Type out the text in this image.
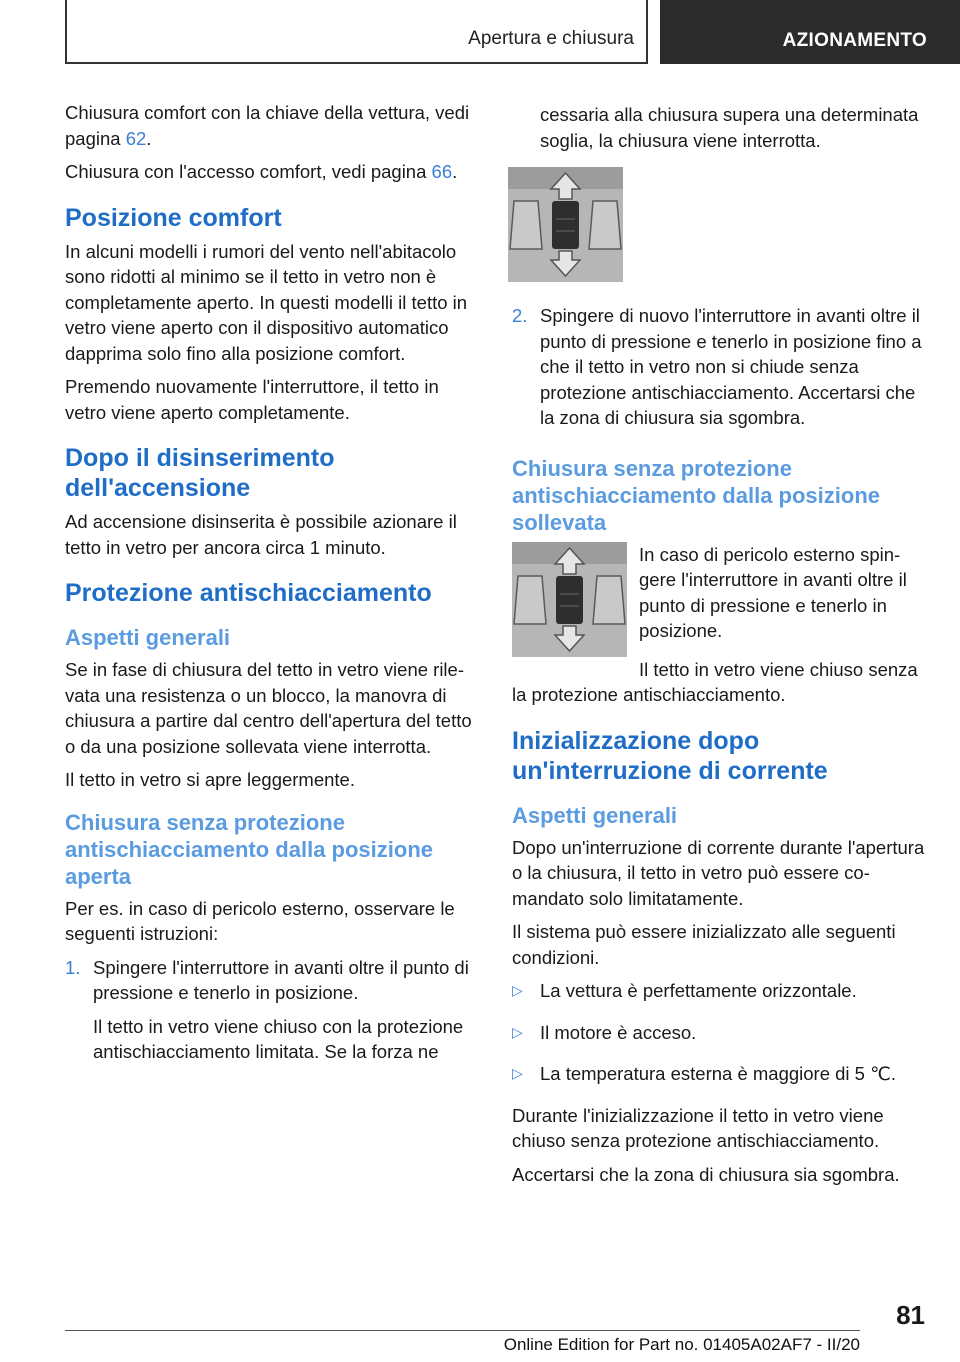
Apertura e chiusura	AZIONAMENTO

Chiusura comfort con la chiave della vettura, vedi pagina 62.

Chiusura con l'accesso comfort, vedi pagina 66.

Posizione comfort

In alcuni modelli i rumori del vento nell'abitacolo sono ridotti al minimo se il tetto in vetro non è completamente aperto. In questi modelli il tetto in vetro viene aperto con il dispositivo automatico dapprima solo fino alla posizione comfort.

Premendo nuovamente l'interruttore, il tetto in vetro viene aperto completamente.

Dopo il disinserimento dell'accensione

Ad accensione disinserita è possibile azionare il tetto in vetro per ancora circa 1 minuto.

Protezione antischiacciamento
Aspetti generali

Se in fase di chiusura del tetto in vetro viene rilevata una resistenza o un blocco, la manovra di chiusura a partire dal centro dell'apertura del tetto o da una posizione sollevata viene interrotta.

Il tetto in vetro si apre leggermente.

Chiusura senza protezione antischiacciamento dalla posizione aperta

Per es. in caso di pericolo esterno, osservare le seguenti istruzioni:

1. Spingere l'interruttore in avanti oltre il punto di pressione e tenerlo in posizione.

Il tetto in vetro viene chiuso con la protezione antischiacciamento limitata. Se la forza ne

cessaria alla chiusura supera una determinata soglia, la chiusura viene interrotta.

2. Spingere di nuovo l'interruttore in avanti oltre il punto di pressione e tenerlo in posizione fino a che il tetto in vetro non si chiude senza protezione antischiacciamento. Accertarsi che la zona di chiusura sia sgombra.

Chiusura senza protezione antischiacciamento dalla posizione sollevata

In caso di pericolo esterno spingere l'interruttore in avanti oltre il punto di pressione e tenerlo in posizione.

Il tetto in vetro viene chiuso senza la protezione antischiacciamento.

Inizializzazione dopo un'interruzione di corrente
Aspetti generali

Dopo un'interruzione di corrente durante l'apertura o la chiusura, il tetto in vetro può essere comandato solo limitatamente.

Il sistema può essere inizializzato alle seguenti condizioni.

▷ La vettura è perfettamente orizzontale.

▷ Il motore è acceso.

▷ La temperatura esterna è maggiore di 5 ℃.

Durante l'inizializzazione il tetto in vetro viene chiuso senza protezione antischiacciamento.

Accertarsi che la zona di chiusura sia sgombra.

81
Online Edition for Part no. 01405A02AF7 - II/20
